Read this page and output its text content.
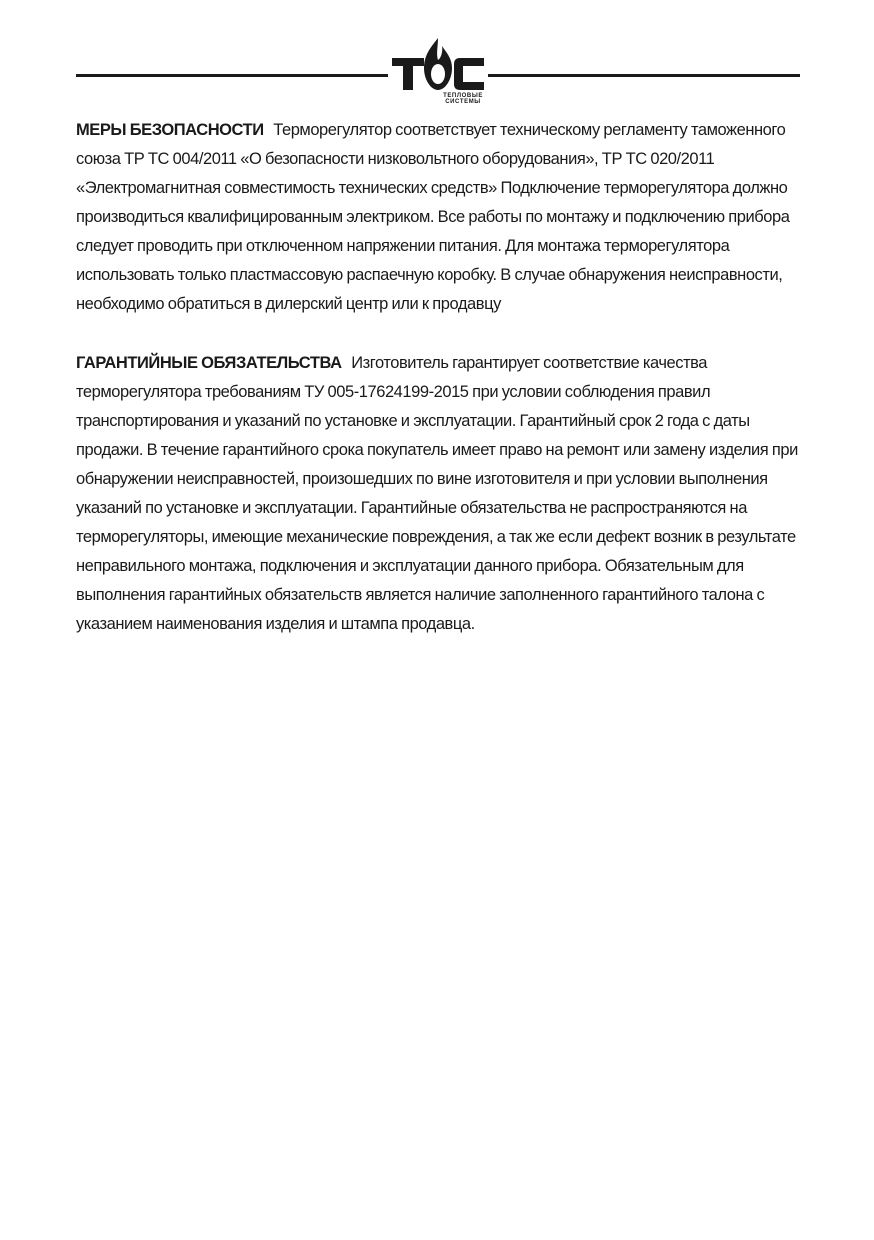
ТЕПЛОВЫЕ
СИСТЕМЫ

МЕРЫ БЕЗОПАСНОСТИ Терморегулятор соответствует техническому регламенту таможенного союза ТР ТС 004/2011 «О безопасности низковольтного оборудования», ТР ТС 020/2011 «Электромагнитная совместимость технических средств» Подключение терморегулятора должно производиться квалифицированным электриком. Все работы по монтажу и подключению прибора следует проводить при отключенном напряжении питания. Для монтажа терморегулятора использовать только пластмассовую распаечную коробку. В случае обнаружения неисправности, необходимо обратиться в дилерский центр или к продавцу

ГАРАНТИЙНЫЕ ОБЯЗАТЕЛЬСТВА Изготовитель гарантирует соответствие качества терморегулятора требованиям ТУ 005-17624199-2015 при условии соблюдения правил транспортирования и указаний по установке и эксплуатации. Гарантийный срок 2 года с даты продажи. В течение гарантийного срока покупатель имеет право на ремонт или замену изделия при обнаружении неисправностей, произошедших по вине изготовителя и при условии выполнения указаний по установке и эксплуатации. Гарантийные обязательства не распространяются на терморегуляторы, имеющие механические повреждения, а так же если дефект возник в результате неправильного монтажа, подключения и эксплуатации данного прибора. Обязательным для выполнения гарантийных обязательств является наличие заполненного гарантийного талона с указанием наименования изделия и штампа продавца.
